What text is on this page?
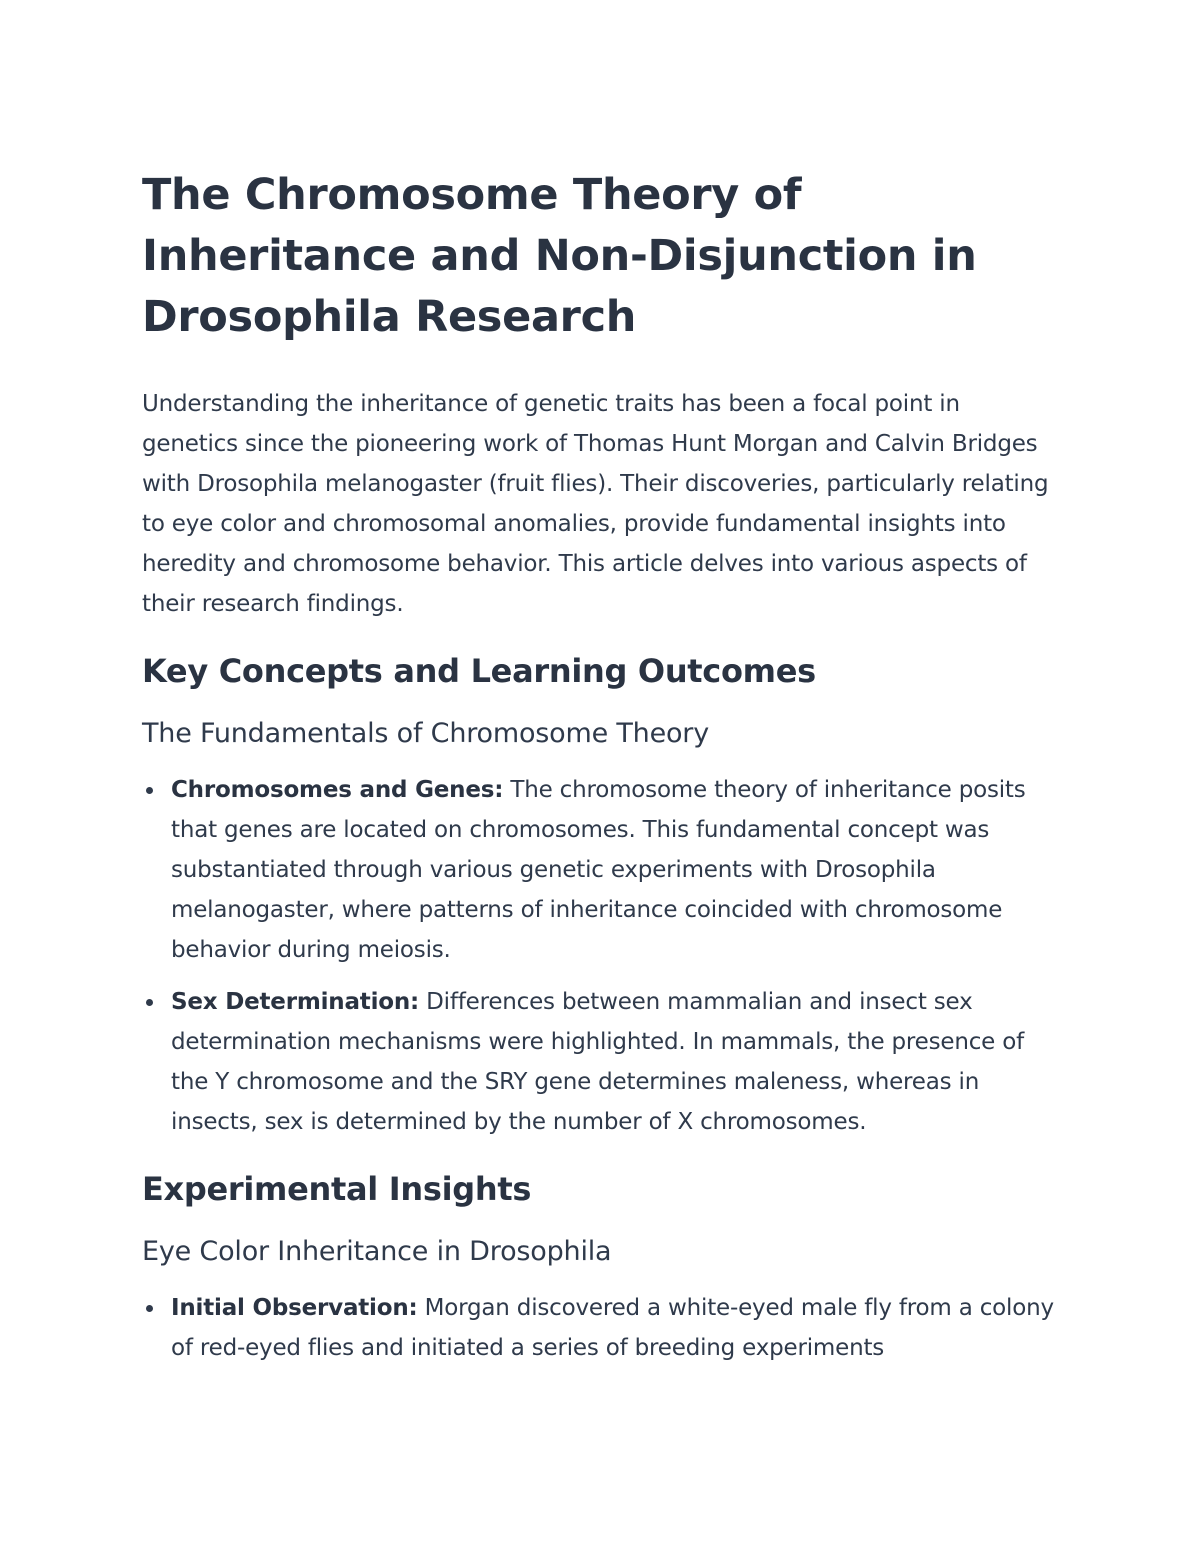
The Chromosome Theory of Inheritance and Non-Disjunction in Drosophila Research

Understanding the inheritance of genetic traits has been a focal point in genetics since the pioneering work of Thomas Hunt Morgan and Calvin Bridges with Drosophila melanogaster (fruit flies). Their discoveries, particularly relating to eye color and chromosomal anomalies, provide fundamental insights into heredity and chromosome behavior. This article delves into various aspects of their research findings.

Key Concepts and Learning Outcomes
The Fundamentals of Chromosome Theory
Chromosomes and Genes: The chromosome theory of inheritance posits that genes are located on chromosomes. This fundamental concept was substantiated through various genetic experiments with Drosophila melanogaster, where patterns of inheritance coincided with chromosome behavior during meiosis.
Sex Determination: Differences between mammalian and insect sex determination mechanisms were highlighted. In mammals, the presence of the Y chromosome and the SRY gene determines maleness, whereas in insects, sex is determined by the number of X chromosomes.
Experimental Insights
Eye Color Inheritance in Drosophila
Initial Observation: Morgan discovered a white-eyed male fly from a colony of red-eyed flies and initiated a series of breeding experiments
